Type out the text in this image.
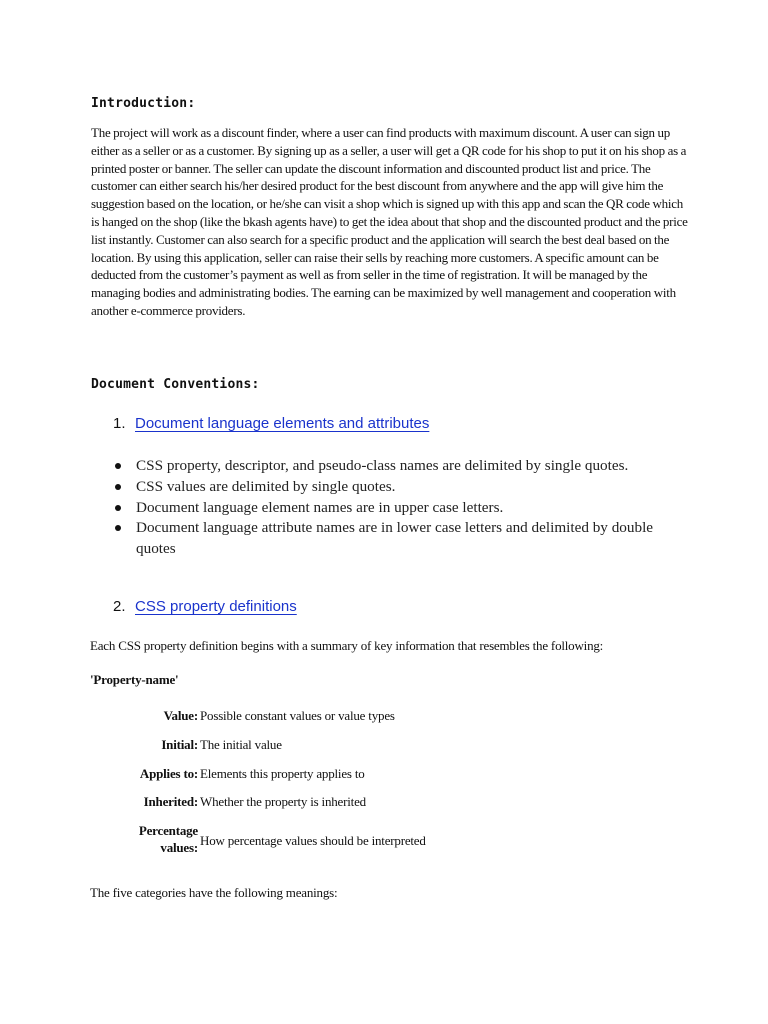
Introduction:

The project will work as a discount finder, where a user can find products with maximum discount. A user can sign up either as a seller or as a customer. By signing up as a seller, a user will get a QR code for his shop to put it on his shop as a printed poster or banner. The seller can update the discount information and discounted product list and price. The customer can either search his/her desired product for the best discount from anywhere and the app will give him the suggestion based on the location, or he/she can visit a shop which is signed up with this app and scan the QR code which is hanged on the shop (like the bkash agents have) to get the idea about that shop and the discounted product and the price list instantly. Customer can also search for a specific product and the application will search the best deal based on the location. By using this application, seller can raise their sells by reaching more customers. A specific amount can be deducted from the customer’s payment as well as from seller in the time of registration. It will be managed by the managing bodies and administrating bodies. The earning can be maximized by well management and cooperation with another e-commerce providers.

Document Conventions:
1. Document language elements and attributes
CSS property, descriptor, and pseudo-class names are delimited by single quotes.
CSS values are delimited by single quotes.
Document language element names are in upper case letters.
Document language attribute names are in lower case letters and delimited by double quotes
2. CSS property definitions

Each CSS property definition begins with a summary of key information that resembles the following:

'Property-name'

Value: Possible constant values or value types
Initial: The initial value
Applies to: Elements this property applies to
Inherited: Whether the property is inherited
Percentage values: How percentage values should be interpreted

The five categories have the following meanings:
